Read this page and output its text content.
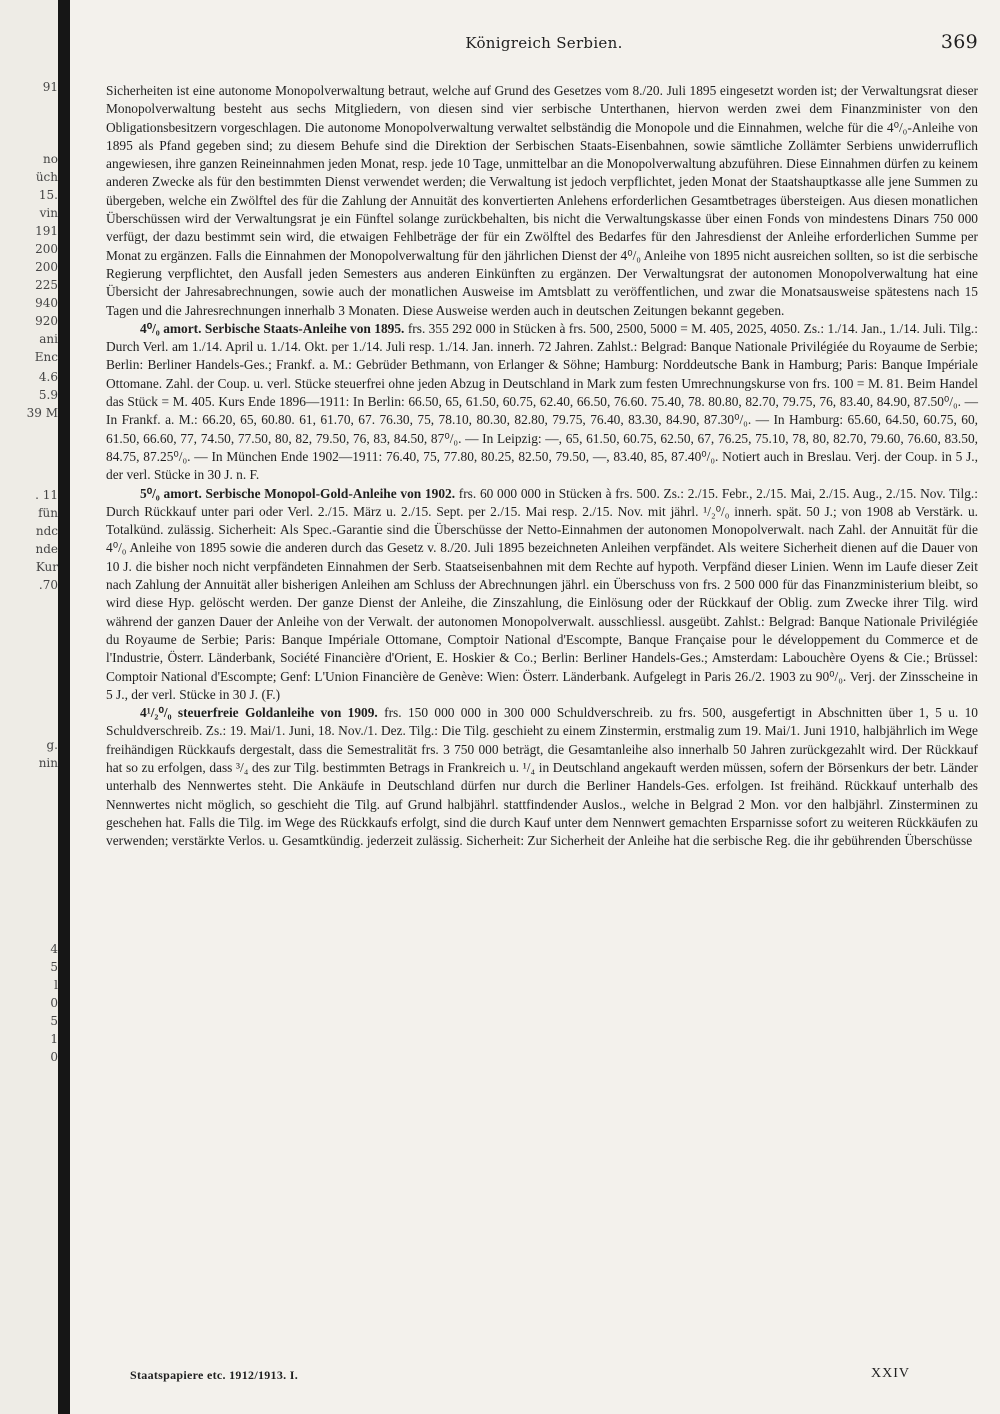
91
no
üch
15.
vin
191
200
200
225
940
920
ani
Enc
4.6
5.9
39 M
. 11
fün
ndc
nde
Kur
.70
g.
nin
4
5
l
0
5
1
0
Königreich Serbien.	369

Sicherheiten ist eine autonome Monopolverwaltung betraut, welche auf Grund des Gesetzes vom 8./20. Juli 1895 eingesetzt worden ist; der Verwaltungsrat dieser Monopolverwaltung besteht aus sechs Mitgliedern, von diesen sind vier serbische Unterthanen, hiervon werden zwei dem Finanzminister von den Obligationsbesitzern vorgeschlagen. Die autonome Monopolverwaltung verwaltet selbständig die Monopole und die Einnahmen, welche für die 4⁰/₀-Anleihe von 1895 als Pfand gegeben sind; zu diesem Behufe sind die Direktion der Serbischen Staats-Eisenbahnen, sowie sämtliche Zollämter Serbiens unwiderruflich angewiesen, ihre ganzen Reineinnahmen jeden Monat, resp. jede 10 Tage, unmittelbar an die Monopolverwaltung abzuführen. Diese Einnahmen dürfen zu keinem anderen Zwecke als für den bestimmten Dienst verwendet werden; die Verwaltung ist jedoch verpflichtet, jeden Monat der Staatshauptkasse alle jene Summen zu übergeben, welche ein Zwölftel des für die Zahlung der Annuität des konvertierten Anlehens erforderlichen Gesamtbetrages übersteigen. Aus diesen monatlichen Überschüssen wird der Verwaltungsrat je ein Fünftel solange zurückbehalten, bis nicht die Verwaltungskasse über einen Fonds von mindestens Dinars 750 000 verfügt, der dazu bestimmt sein wird, die etwaigen Fehlbeträge der für ein Zwölftel des Bedarfes für den Jahresdienst der Anleihe erforderlichen Summe per Monat zu ergänzen. Falls die Einnahmen der Monopolverwaltung für den jährlichen Dienst der 4⁰/₀ Anleihe von 1895 nicht ausreichen sollten, so ist die serbische Regierung verpflichtet, den Ausfall jeden Semesters aus anderen Einkünften zu ergänzen. Der Verwaltungsrat der autonomen Monopolverwaltung hat eine Übersicht der Jahresabrechnungen, sowie auch der monatlichen Ausweise im Amtsblatt zu veröffentlichen, und zwar die Monatsausweise spätestens nach 15 Tagen und die Jahresrechnungen innerhalb 3 Monaten. Diese Ausweise werden auch in deutschen Zeitungen bekannt gegeben.

4⁰/₀ amort. Serbische Staats-Anleihe von 1895. frs. 355 292 000 in Stücken à frs. 500, 2500, 5000 = M. 405, 2025, 4050. Zs.: 1./14. Jan., 1./14. Juli. Tilg.: Durch Verl. am 1./14. April u. 1./14. Okt. per 1./14. Juli resp. 1./14. Jan. innerh. 72 Jahren. Zahlst.: Belgrad: Banque Nationale Privilégiée du Royaume de Serbie; Berlin: Berliner Handels-Ges.; Frankf. a. M.: Gebrüder Bethmann, von Erlanger & Söhne; Hamburg: Norddeutsche Bank in Hamburg; Paris: Banque Impériale Ottomane. Zahl. der Coup. u. verl. Stücke steuerfrei ohne jeden Abzug in Deutschland in Mark zum festen Umrechnungskurse von frs. 100 = M. 81. Beim Handel das Stück = M. 405. Kurs Ende 1896—1911: In Berlin: 66.50, 65, 61.50, 60.75, 62.40, 66.50, 76.60. 75.40, 78. 80.80, 82.70, 79.75, 76, 83.40, 84.90, 87.50⁰/₀. — In Frankf. a. M.: 66.20, 65, 60.80. 61, 61.70, 67. 76.30, 75, 78.10, 80.30, 82.80, 79.75, 76.40, 83.30, 84.90, 87.30⁰/₀. — In Hamburg: 65.60, 64.50, 60.75, 60, 61.50, 66.60, 77, 74.50, 77.50, 80, 82, 79.50, 76, 83, 84.50, 87⁰/₀. — In Leipzig: —, 65, 61.50, 60.75, 62.50, 67, 76.25, 75.10, 78, 80, 82.70, 79.60, 76.60, 83.50, 84.75, 87.25⁰/₀. — In München Ende 1902—1911: 76.40, 75, 77.80, 80.25, 82.50, 79.50, —, 83.40, 85, 87.40⁰/₀. Notiert auch in Breslau. Verj. der Coup. in 5 J., der verl. Stücke in 30 J. n. F.

5⁰/₀ amort. Serbische Monopol-Gold-Anleihe von 1902. frs. 60 000 000 in Stücken à frs. 500. Zs.: 2./15. Febr., 2./15. Mai, 2./15. Aug., 2./15. Nov. Tilg.: Durch Rückkauf unter pari oder Verl. 2./15. März u. 2./15. Sept. per 2./15. Mai resp. 2./15. Nov. mit jährl. ¹/₂⁰/₀ innerh. spät. 50 J.; von 1908 ab Verstärk. u. Totalkünd. zulässig. Sicherheit: Als Spec.-Garantie sind die Überschüsse der Netto-Einnahmen der autonomen Monopolverwalt. nach Zahl. der Annuität für die 4⁰/₀ Anleihe von 1895 sowie die anderen durch das Gesetz v. 8./20. Juli 1895 bezeichneten Anleihen verpfändet. Als weitere Sicherheit dienen auf die Dauer von 10 J. die bisher noch nicht verpfändeten Einnahmen der Serb. Staatseisenbahnen mit dem Rechte auf hypoth. Verpfänd dieser Linien. Wenn im Laufe dieser Zeit nach Zahlung der Annuität aller bisherigen Anleihen am Schluss der Abrechnungen jährl. ein Überschuss von frs. 2 500 000 für das Finanzministerium bleibt, so wird diese Hyp. gelöscht werden. Der ganze Dienst der Anleihe, die Zinszahlung, die Einlösung oder der Rückkauf der Oblig. zum Zwecke ihrer Tilg. wird während der ganzen Dauer der Anleihe von der Verwalt. der autonomen Monopolverwalt. ausschliessl. ausgeübt. Zahlst.: Belgrad: Banque Nationale Privilégiée du Royaume de Serbie; Paris: Banque Impériale Ottomane, Comptoir National d'Escompte, Banque Française pour le développement du Commerce et de l'Industrie, Österr. Länderbank, Société Financière d'Orient, E. Hoskier & Co.; Berlin: Berliner Handels-Ges.; Amsterdam: Labouchère Oyens & Cie.; Brüssel: Comptoir National d'Escompte; Genf: L'Union Financière de Genève: Wien: Österr. Länderbank. Aufgelegt in Paris 26./2. 1903 zu 90⁰/₀. Verj. der Zinsscheine in 5 J., der verl. Stücke in 30 J. (F.)

4¹/₂⁰/₀ steuerfreie Goldanleihe von 1909. frs. 150 000 000 in 300 000 Schuldverschreib. zu frs. 500, ausgefertigt in Abschnitten über 1, 5 u. 10 Schuldverschreib. Zs.: 19. Mai/1. Juni, 18. Nov./1. Dez. Tilg.: Die Tilg. geschieht zu einem Zinstermin, erstmalig zum 19. Mai/1. Juni 1910, halbjährlich im Wege freihändigen Rückkaufs dergestalt, dass die Semestralität frs. 3 750 000 beträgt, die Gesamtanleihe also innerhalb 50 Jahren zurückgezahlt wird. Der Rückkauf hat so zu erfolgen, dass ³/₄ des zur Tilg. bestimmten Betrags in Frankreich u. ¹/₄ in Deutschland angekauft werden müssen, sofern der Börsenkurs der betr. Länder unterhalb des Nennwertes steht. Die Ankäufe in Deutschland dürfen nur durch die Berliner Handels-Ges. erfolgen. Ist freihänd. Rückkauf unterhalb des Nennwertes nicht möglich, so geschieht die Tilg. auf Grund halbjährl. stattfindender Auslos., welche in Belgrad 2 Mon. vor den halbjährl. Zinsterminen zu geschehen hat. Falls die Tilg. im Wege des Rückkaufs erfolgt, sind die durch Kauf unter dem Nennwert gemachten Ersparnisse sofort zu weiteren Rückkäufen zu verwenden; verstärkte Verlos. u. Gesamtkündig. jederzeit zulässig. Sicherheit: Zur Sicherheit der Anleihe hat die serbische Reg. die ihr gebührenden Überschüsse

Staatspapiere etc. 1912/1913. I.	XXIV
